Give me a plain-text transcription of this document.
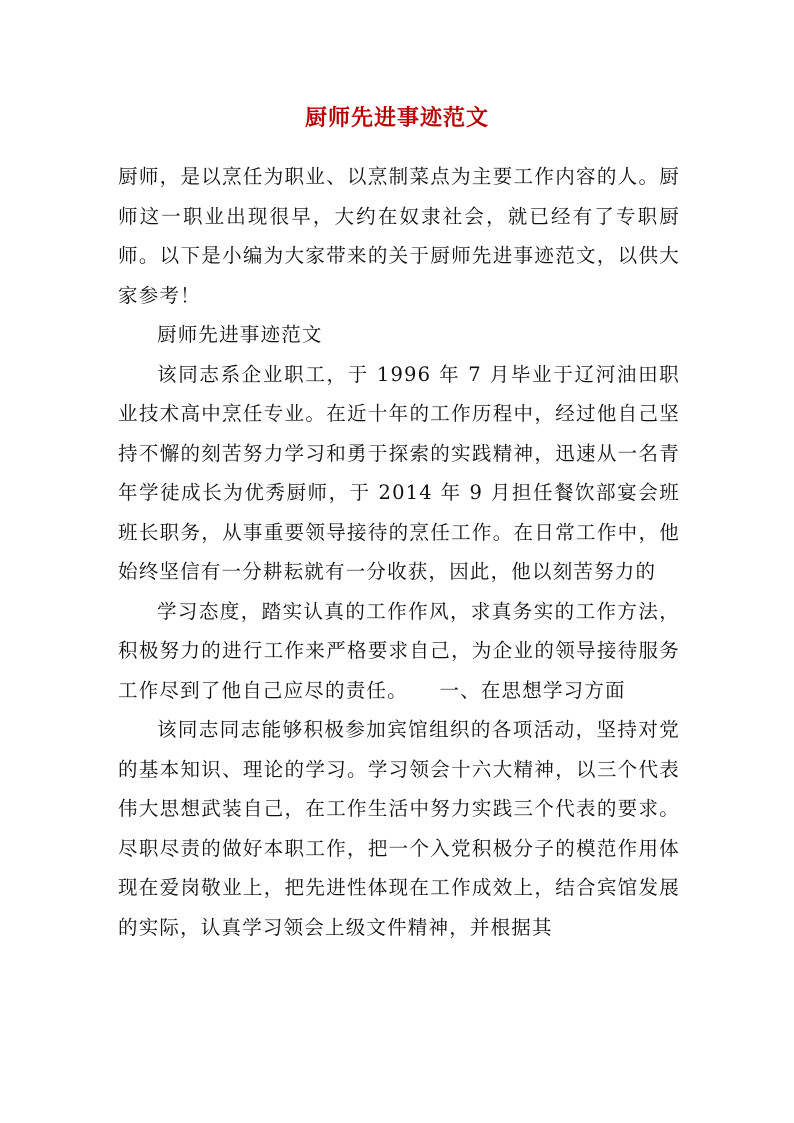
厨师先进事迹范文

厨师，是以烹任为职业、以烹制菜点为主要工作内容的人。厨师这一职业出现很早，大约在奴隶社会，就已经有了专职厨师。以下是小编为大家带来的关于厨师先进事迹范文，以供大家参考！

厨师先进事迹范文

该同志系企业职工，于 1996 年 7 月毕业于辽河油田职业技术高中烹任专业。在近十年的工作历程中，经过他自己坚持不懈的刻苦努力学习和勇于探索的实践精神，迅速从一名青年学徒成长为优秀厨师，于 2014 年 9 月担任餐饮部宴会班班长职务，从事重要领导接待的烹任工作。在日常工作中，他始终坚信有一分耕耘就有一分收获，因此，他以刻苦努力的

学习态度，踏实认真的工作作风，求真务实的工作方法，积极努力的进行工作来严格要求自己，为企业的领导接待服务工作尽到了他自己应尽的责任。　　一、在思想学习方面

该同志同志能够积极参加宾馆组织的各项活动，坚持对党的基本知识、理论的学习。学习领会十六大精神，以三个代表伟大思想武装自己，在工作生活中努力实践三个代表的要求。尽职尽责的做好本职工作，把一个入党积极分子的模范作用体现在爱岗敬业上，把先进性体现在工作成效上，结合宾馆发展的实际，认真学习领会上级文件精神，并根据其
